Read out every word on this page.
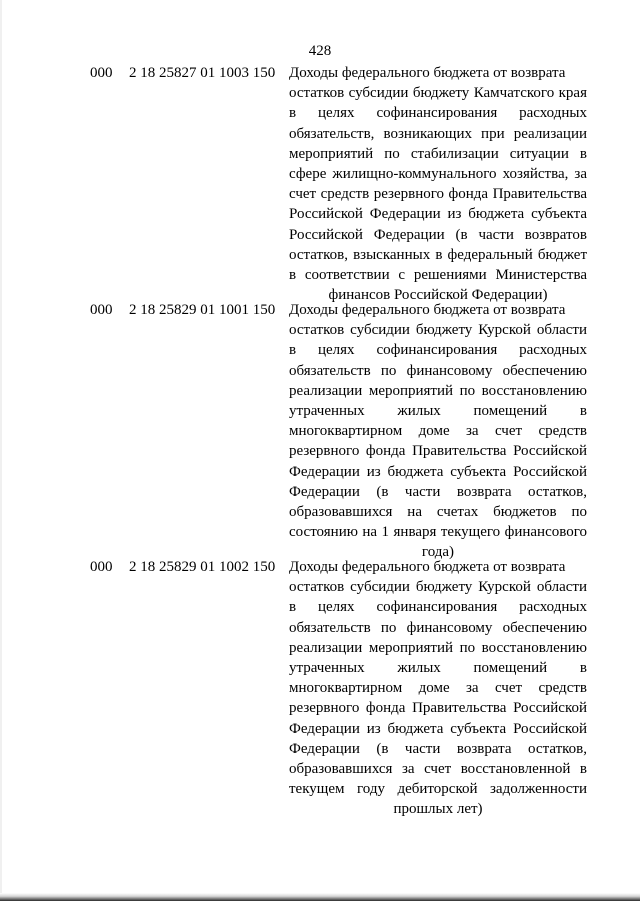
428
000 2 18 25827 01 1003 150 Доходы федерального бюджета от возврата
остатков субсидии бюджету Камчатского края
в целях софинансирования расходных
обязательств, возникающих при реализации
мероприятий по стабилизации ситуации в
сфере жилищно-коммунального хозяйства, за
счет средств резервного фонда Правительства
Российской Федерации из бюджета субъекта
Российской Федерации (в части возвратов
остатков, взысканных в федеральный бюджет
в соответствии с решениями Министерства
финансов Российской Федерации)
000 2 18 25829 01 1001 150 Доходы федерального бюджета от возврата
остатков субсидии бюджету Курской области
в целях софинансирования расходных
обязательств по финансовому обеспечению
реализации мероприятий по восстановлению
утраченных жилых помещений в
многоквартирном доме за счет средств
резервного фонда Правительства Российской
Федерации из бюджета субъекта Российской
Федерации (в части возврата остатков,
образовавшихся на счетах бюджетов по
состоянию на 1 января текущего финансового
года)
000 2 18 25829 01 1002 150 Доходы федерального бюджета от возврата
остатков субсидии бюджету Курской области
в целях софинансирования расходных
обязательств по финансовому обеспечению
реализации мероприятий по восстановлению
утраченных жилых помещений в
многоквартирном доме за счет средств
резервного фонда Правительства Российской
Федерации из бюджета субъекта Российской
Федерации (в части возврата остатков,
образовавшихся за счет восстановленной в
текущем году дебиторской задолженности
прошлых лет)
